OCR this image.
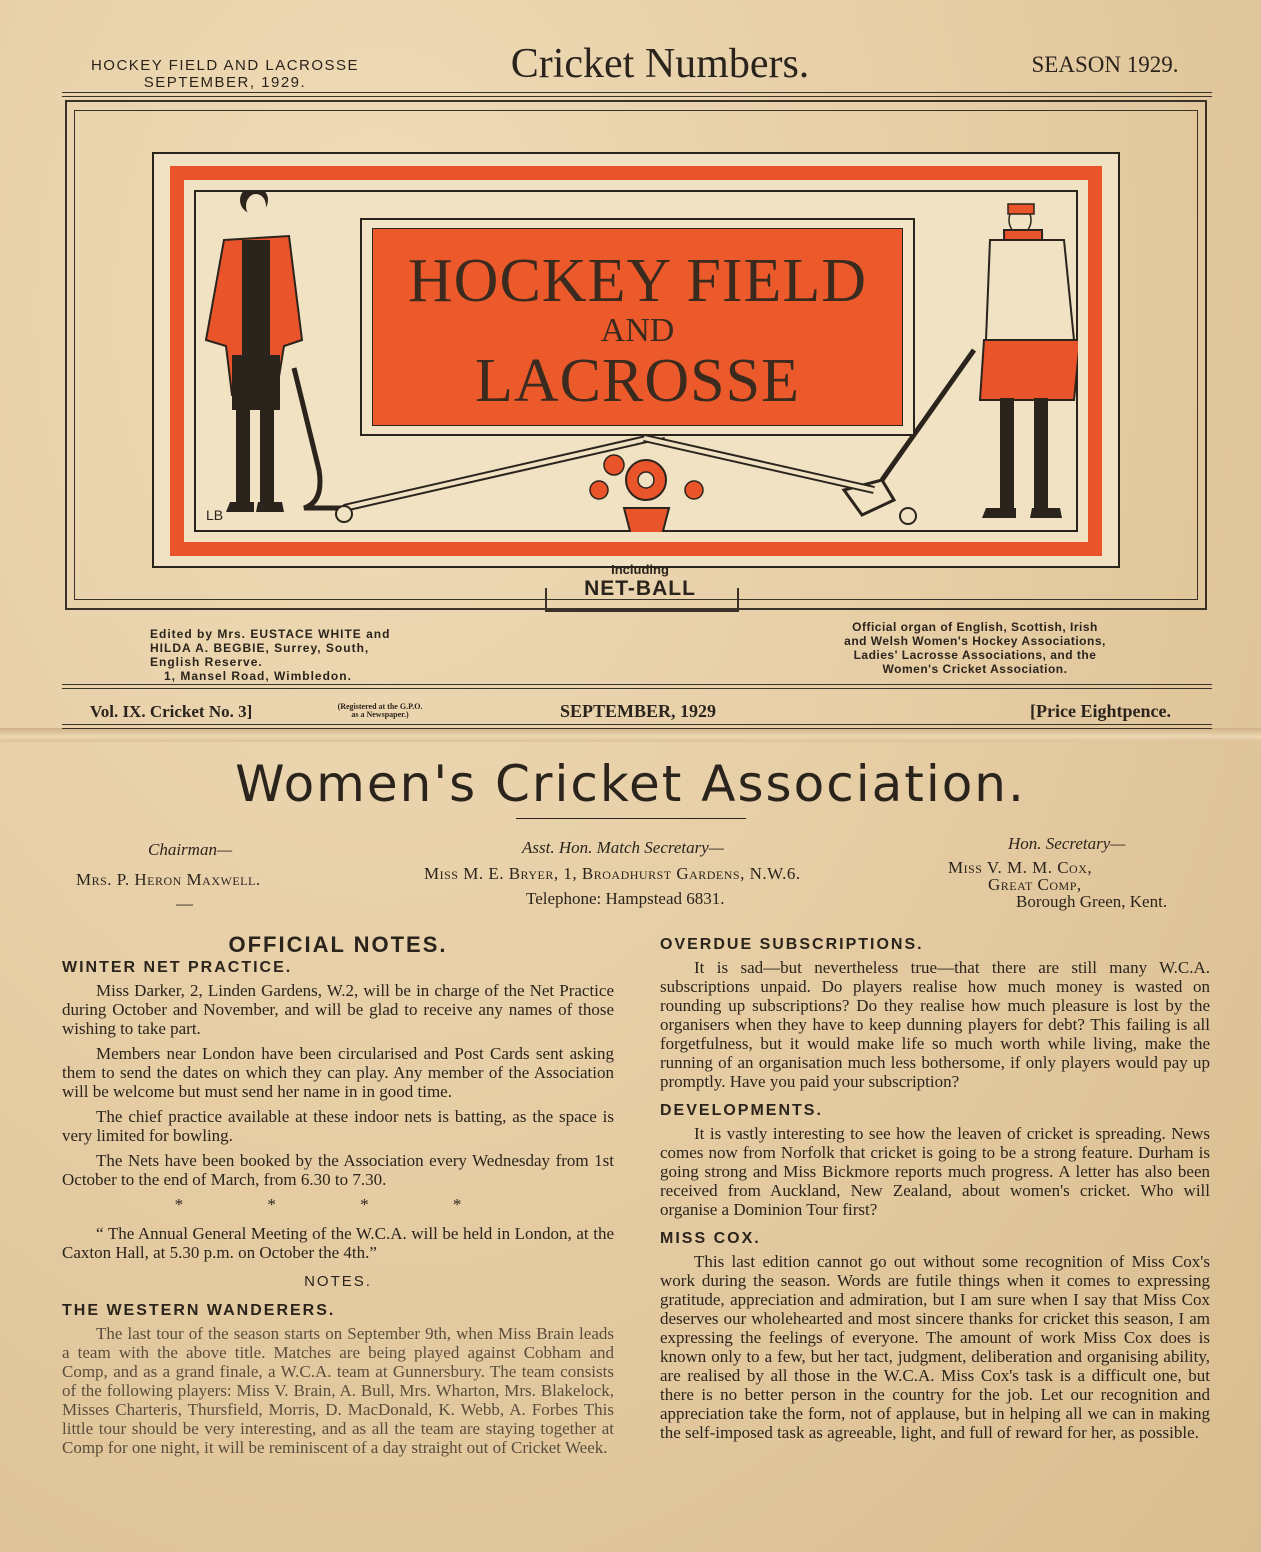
HOCKEY FIELD AND LACROSSE
SEPTEMBER, 1929.	Cricket Numbers.	SEASON 1929.
LB
HOCKEY FIELD
AND
LACROSSE
Including
NET-BALL
Edited by Mrs. EUSTACE WHITE and
HILDA A. BEGBIE, Surrey, South,
English Reserve.
1, Mansel Road, Wimbledon.
Official organ of English, Scottish, Irish
and Welsh Women's Hockey Associations,
Ladies' Lacrosse Associations, and the
Women's Cricket Association.
Vol. IX. Cricket No. 3]	(Registered at the G.P.O.
as a Newspaper.)	SEPTEMBER, 1929	[Price Eightpence.
Women's Cricket Association.
Chairman—
Mrs. P. Heron Maxwell.
—
Asst. Hon. Match Secretary—
Miss M. E. Bryer, 1, Broadhurst Gardens, N.W.6.
Telephone: Hampstead 6831.
Hon. Secretary—
Miss V. M. M. Cox,
Great Comp,
Borough Green, Kent.
OFFICIAL NOTES.
WINTER NET PRACTICE.

Miss Darker, 2, Linden Gardens, W.2, will be in charge of the Net Practice during October and November, and will be glad to receive any names of those wishing to take part.

Members near London have been circularised and Post Cards sent asking them to send the dates on which they can play. Any member of the Association will be welcome but must send her name in in good time.

The chief practice available at these indoor nets is batting, as the space is very limited for bowling.

The Nets have been booked by the Association every Wednesday from 1st October to the end of March, from 6.30 to 7.30.

* * * *

“ The Annual General Meeting of the W.C.A. will be held in London, at the Caxton Hall, at 5.30 p.m. on October the 4th.”

NOTES.
THE WESTERN WANDERERS.

The last tour of the season starts on September 9th, when Miss Brain leads a team with the above title. Matches are being played against Cobham and Comp, and as a grand finale, a W.C.A. team at Gunnersbury. The team consists of the following players: Miss V. Brain, A. Bull, Mrs. Wharton, Mrs. Blakelock, Misses Charteris, Thursfield, Morris, D. MacDonald, K. Webb, A. Forbes This little tour should be very interesting, and as all the team are staying together at Comp for one night, it will be reminiscent of a day straight out of Cricket Week.

OVERDUE SUBSCRIPTIONS.

It is sad—but nevertheless true—that there are still many W.C.A. subscriptions unpaid. Do players realise how much money is wasted on rounding up subscriptions? Do they realise how much pleasure is lost by the organisers when they have to keep dunning players for debt? This failing is all forgetfulness, but it would make life so much worth while living, make the running of an organisation much less bothersome, if only players would pay up promptly. Have you paid your subscription?

DEVELOPMENTS.

It is vastly interesting to see how the leaven of cricket is spreading. News comes now from Norfolk that cricket is going to be a strong feature. Durham is going strong and Miss Bickmore reports much progress. A letter has also been received from Auckland, New Zealand, about women's cricket. Who will organise a Dominion Tour first?

MISS COX.

This last edition cannot go out without some recognition of Miss Cox's work during the season. Words are futile things when it comes to expressing gratitude, appreciation and admiration, but I am sure when I say that Miss Cox deserves our wholehearted and most sincere thanks for cricket this season, I am expressing the feelings of everyone. The amount of work Miss Cox does is known only to a few, but her tact, judgment, deliberation and organising ability, are realised by all those in the W.C.A. Miss Cox's task is a difficult one, but there is no better person in the country for the job. Let our recognition and appreciation take the form, not of applause, but in helping all we can in making the self-imposed task as agreeable, light, and full of reward for her, as possible.
